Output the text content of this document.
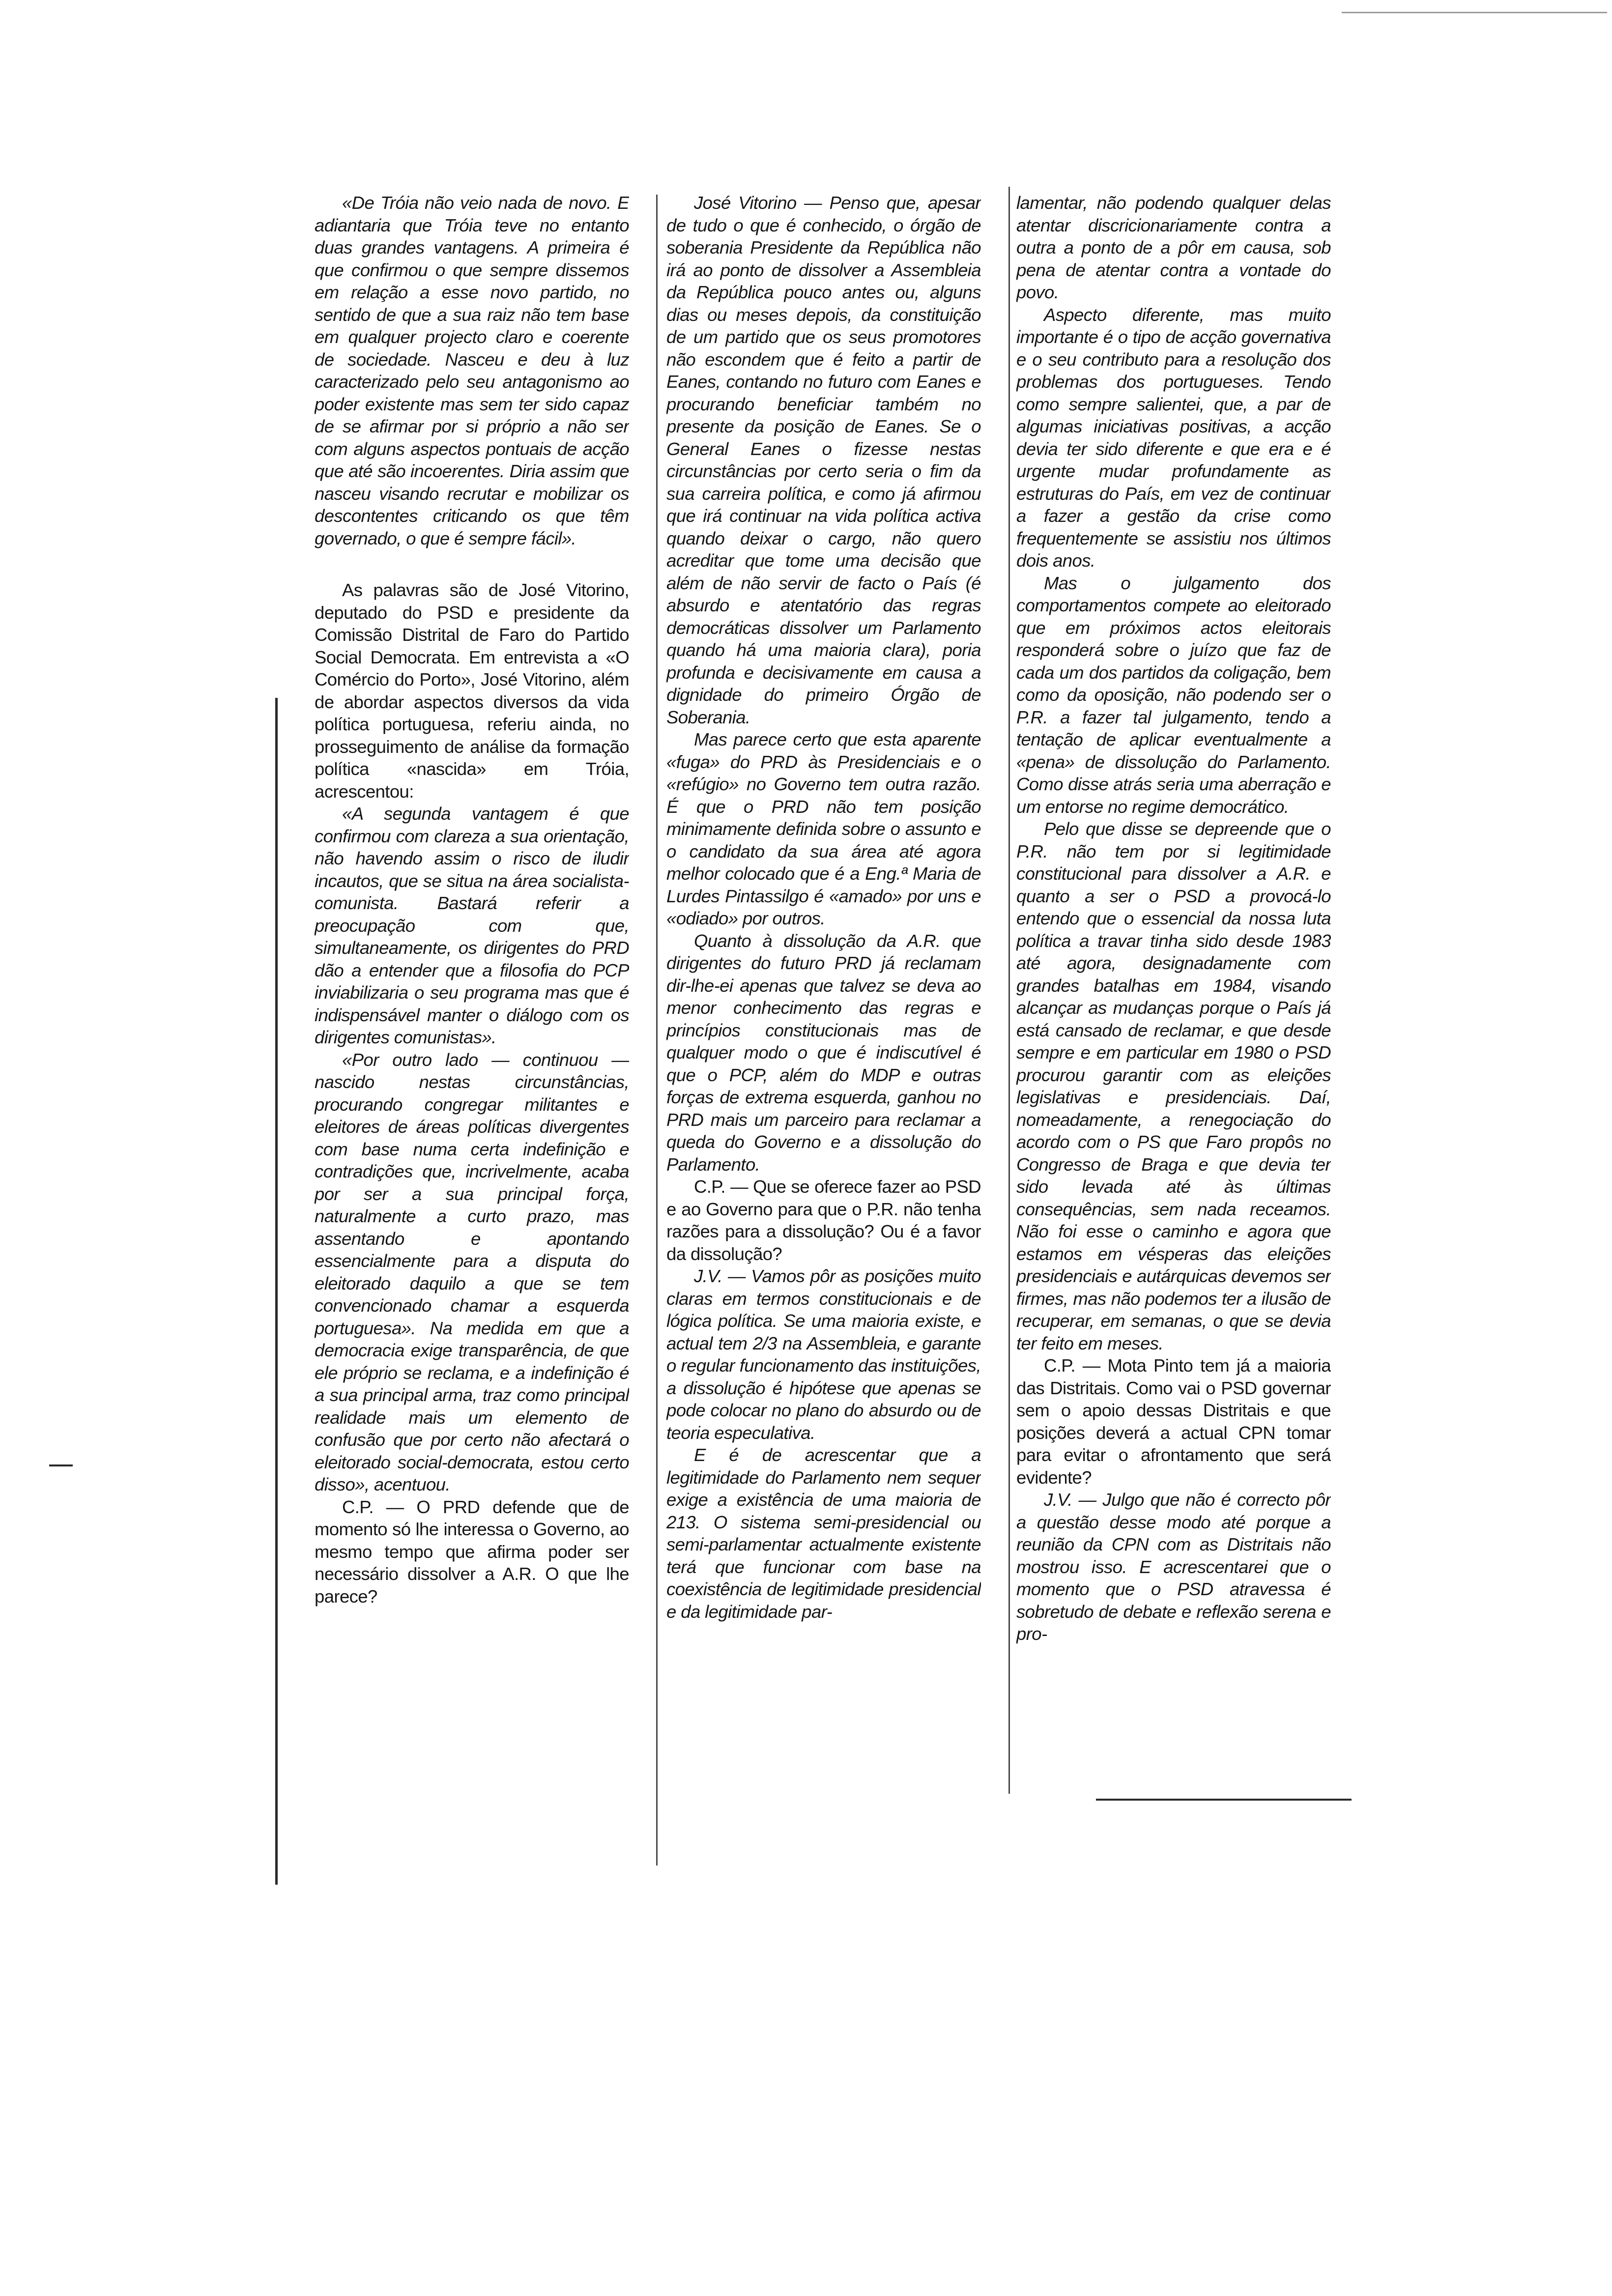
«De Tróia não veio nada de novo. E adiantaria que Tróia teve no entanto duas grandes vantagens. A primeira é que confirmou o que sempre dissemos em relação a esse novo partido, no sentido de que a sua raiz não tem base em qualquer projecto claro e coerente de sociedade. Nasceu e deu à luz caracterizado pelo seu antagonismo ao poder existente mas sem ter sido capaz de se afirmar por si próprio a não ser com alguns aspectos pontuais de acção que até são incoerentes. Diria assim que nasceu visando recrutar e mobilizar os descontentes criticando os que têm governado, o que é sempre fácil».

As palavras são de José Vitorino, deputado do PSD e presidente da Comissão Distrital de Faro do Partido Social Democrata. Em entrevista a «O Comércio do Porto», José Vitorino, além de abordar aspectos diversos da vida política portuguesa, referiu ainda, no prosseguimento de análise da formação política «nascida» em Tróia, acrescentou:

«A segunda vantagem é que confirmou com clareza a sua orientação, não havendo assim o risco de iludir incautos, que se situa na área socialista-comunista. Bastará referir a preocupação com que, simultaneamente, os dirigentes do PRD dão a entender que a filosofia do PCP inviabilizaria o seu programa mas que é indispensável manter o diálogo com os dirigentes comunistas».

«Por outro lado — continuou — nascido nestas circunstâncias, procurando congregar militantes e eleitores de áreas políticas divergentes com base numa certa indefinição e contradições que, incrivelmente, acaba por ser a sua principal força, naturalmente a curto prazo, mas assentando e apontando essencialmente para a disputa do eleitorado daquilo a que se tem convencionado chamar a esquerda portuguesa». Na medida em que a democracia exige transparência, de que ele próprio se reclama, e a indefinição é a sua principal arma, traz como principal realidade mais um elemento de confusão que por certo não afectará o eleitorado social-democrata, estou certo disso», acentuou.

C.P. — O PRD defende que de momento só lhe interessa o Governo, ao mesmo tempo que afirma poder ser necessário dissolver a A.R. O que lhe parece?

José Vitorino — Penso que, apesar de tudo o que é conhecido, o órgão de soberania Presidente da República não irá ao ponto de dissolver a Assembleia da República pouco antes ou, alguns dias ou meses depois, da constituição de um partido que os seus promotores não escondem que é feito a partir de Eanes, contando no futuro com Eanes e procurando beneficiar também no presente da posição de Eanes. Se o General Eanes o fizesse nestas circunstâncias por certo seria o fim da sua carreira política, e como já afirmou que irá continuar na vida política activa quando deixar o cargo, não quero acreditar que tome uma decisão que além de não servir de facto o País (é absurdo e atentatório das regras democráticas dissolver um Parlamento quando há uma maioria clara), poria profunda e decisivamente em causa a dignidade do primeiro Órgão de Soberania.

Mas parece certo que esta aparente «fuga» do PRD às Presidenciais e o «refúgio» no Governo tem outra razão. É que o PRD não tem posição minimamente definida sobre o assunto e o candidato da sua área até agora melhor colocado que é a Eng.ª Maria de Lurdes Pintassilgo é «amado» por uns e «odiado» por outros.

Quanto à dissolução da A.R. que dirigentes do futuro PRD já reclamam dir-lhe-ei apenas que talvez se deva ao menor conhecimento das regras e princípios constitucionais mas de qualquer modo o que é indiscutível é que o PCP, além do MDP e outras forças de extrema esquerda, ganhou no PRD mais um parceiro para reclamar a queda do Governo e a dissolução do Parlamento.

C.P. — Que se oferece fazer ao PSD e ao Governo para que o P.R. não tenha razões para a dissolução? Ou é a favor da dissolução?

J.V. — Vamos pôr as posições muito claras em termos constitucionais e de lógica política. Se uma maioria existe, e actual tem 2/3 na Assembleia, e garante o regular funcionamento das instituições, a dissolução é hipótese que apenas se pode colocar no plano do absurdo ou de teoria especulativa.

E é de acrescentar que a legitimidade do Parlamento nem sequer exige a existência de uma maioria de 213. O sistema semi-presidencial ou semi-parlamentar actualmente existente terá que funcionar com base na coexistência de legitimidade presidencial e da legitimidade par-

lamentar, não podendo qualquer delas atentar discricionariamente contra a outra a ponto de a pôr em causa, sob pena de atentar contra a vontade do povo.

Aspecto diferente, mas muito importante é o tipo de acção governativa e o seu contributo para a resolução dos problemas dos portugueses. Tendo como sempre salientei, que, a par de algumas iniciativas positivas, a acção devia ter sido diferente e que era e é urgente mudar profundamente as estruturas do País, em vez de continuar a fazer a gestão da crise como frequentemente se assistiu nos últimos dois anos.

Mas o julgamento dos comportamentos compete ao eleitorado que em próximos actos eleitorais responderá sobre o juízo que faz de cada um dos partidos da coligação, bem como da oposição, não podendo ser o P.R. a fazer tal julgamento, tendo a tentação de aplicar eventualmente a «pena» de dissolução do Parlamento. Como disse atrás seria uma aberração e um entorse no regime democrático.

Pelo que disse se depreende que o P.R. não tem por si legitimidade constitucional para dissolver a A.R. e quanto a ser o PSD a provocá-lo entendo que o essencial da nossa luta política a travar tinha sido desde 1983 até agora, designadamente com grandes batalhas em 1984, visando alcançar as mudanças porque o País já está cansado de reclamar, e que desde sempre e em particular em 1980 o PSD procurou garantir com as eleições legislativas e presidenciais. Daí, nomeadamente, a renegociação do acordo com o PS que Faro propôs no Congresso de Braga e que devia ter sido levada até às últimas consequências, sem nada receamos. Não foi esse o caminho e agora que estamos em vésperas das eleições presidenciais e autárquicas devemos ser firmes, mas não podemos ter a ilusão de recuperar, em semanas, o que se devia ter feito em meses.

C.P. — Mota Pinto tem já a maioria das Distritais. Como vai o PSD governar sem o apoio dessas Distritais e que posições deverá a actual CPN tomar para evitar o afrontamento que será evidente?

J.V. — Julgo que não é correcto pôr a questão desse modo até porque a reunião da CPN com as Distritais não mostrou isso. E acrescentarei que o momento que o PSD atravessa é sobretudo de debate e reflexão serena e pro-
